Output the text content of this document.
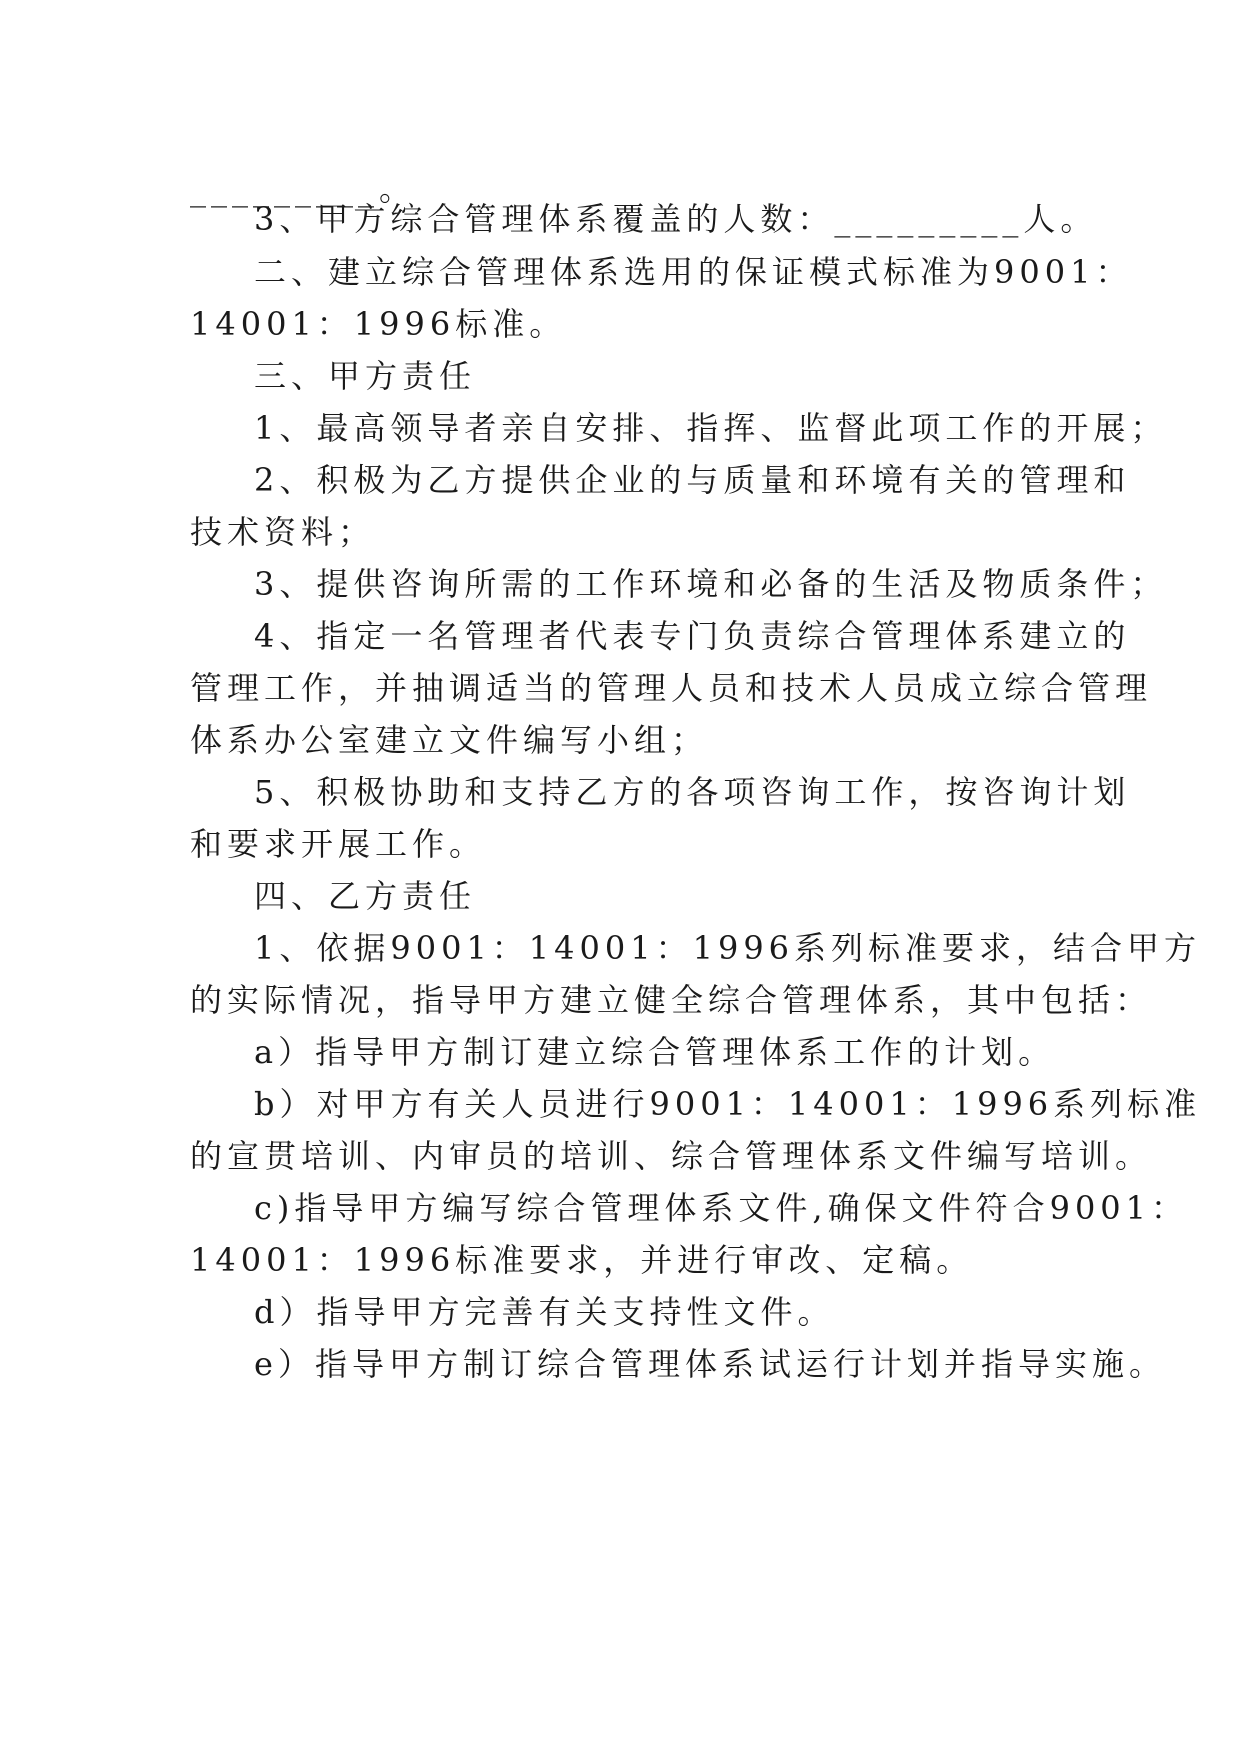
_________。
3、甲方综合管理体系覆盖的人数：_________人。
二、建立综合管理体系选用的保证模式标准为9001：
14001：1996标准。
三、甲方责任
1、最高领导者亲自安排、指挥、监督此项工作的开展；
2、积极为乙方提供企业的与质量和环境有关的管理和
技术资料；
3、提供咨询所需的工作环境和必备的生活及物质条件；
4、指定一名管理者代表专门负责综合管理体系建立的
管理工作，并抽调适当的管理人员和技术人员成立综合管理
体系办公室建立文件编写小组；
5、积极协助和支持乙方的各项咨询工作，按咨询计划
和要求开展工作。
四、乙方责任
1、依据9001：14001：1996系列标准要求，结合甲方
的实际情况，指导甲方建立健全综合管理体系，其中包括：
a）指导甲方制订建立综合管理体系工作的计划。
b）对甲方有关人员进行9001：14001：1996系列标准
的宣贯培训、内审员的培训、综合管理体系文件编写培训。
c)指导甲方编写综合管理体系文件,确保文件符合9001：
14001：1996标准要求，并进行审改、定稿。
d）指导甲方完善有关支持性文件。
e）指导甲方制订综合管理体系试运行计划并指导实施。
